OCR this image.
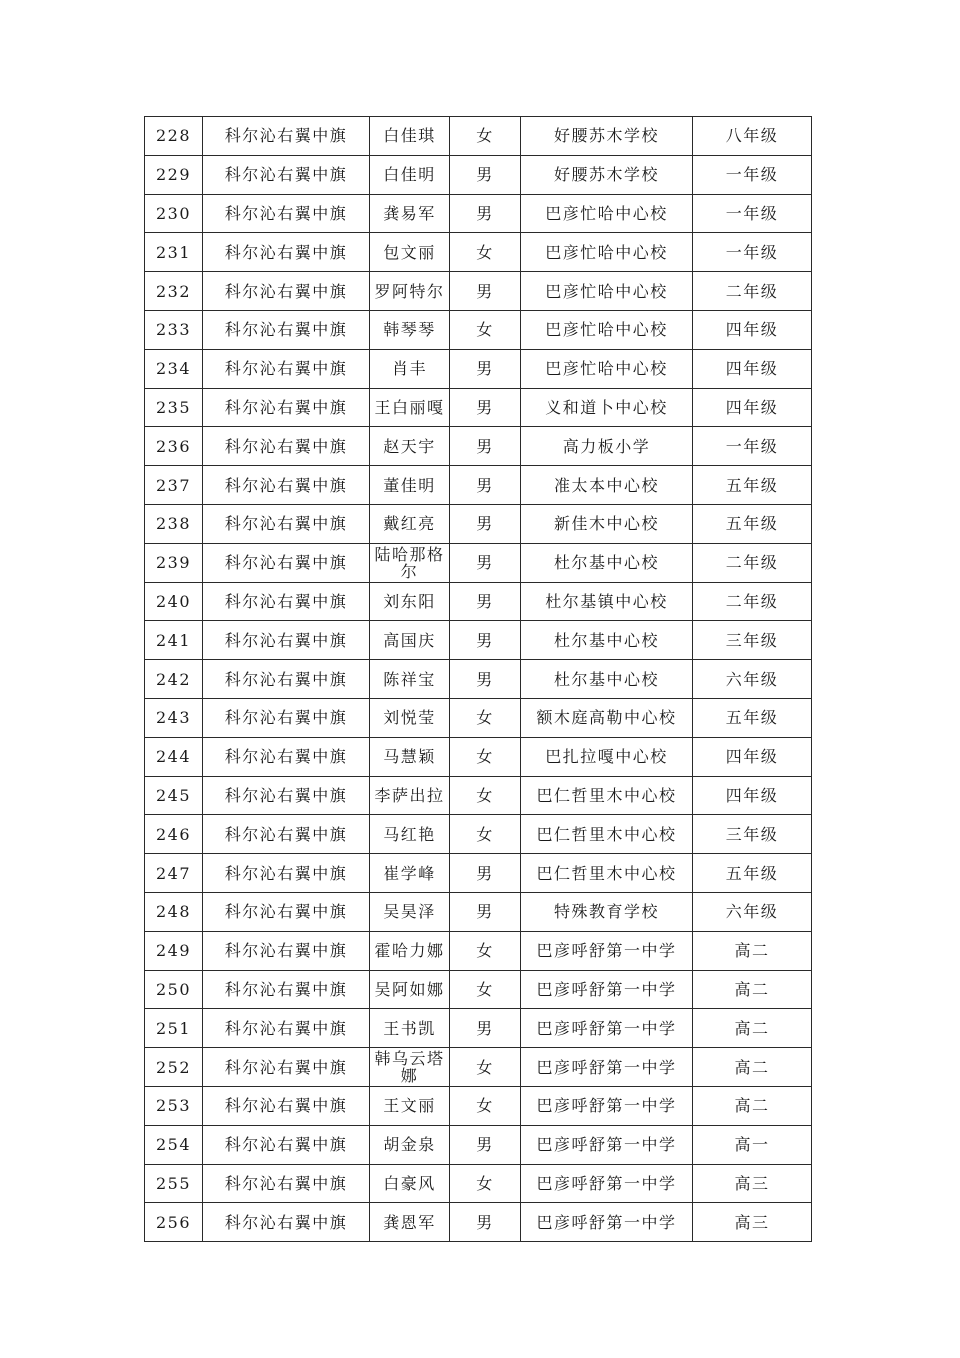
228	科尔沁右翼中旗	白佳琪	女	好腰苏木学校	八年级
229	科尔沁右翼中旗	白佳明	男	好腰苏木学校	一年级
230	科尔沁右翼中旗	龚易军	男	巴彦忙哈中心校	一年级
231	科尔沁右翼中旗	包文丽	女	巴彦忙哈中心校	一年级
232	科尔沁右翼中旗	罗阿特尔	男	巴彦忙哈中心校	二年级
233	科尔沁右翼中旗	韩琴琴	女	巴彦忙哈中心校	四年级
234	科尔沁右翼中旗	肖丰	男	巴彦忙哈中心校	四年级
235	科尔沁右翼中旗	王白丽嘎	男	义和道卜中心校	四年级
236	科尔沁右翼中旗	赵天宇	男	高力板小学	一年级
237	科尔沁右翼中旗	董佳明	男	准太本中心校	五年级
238	科尔沁右翼中旗	戴红亮	男	新佳木中心校	五年级
239	科尔沁右翼中旗	陆哈那格尔	男	杜尔基中心校	二年级
240	科尔沁右翼中旗	刘东阳	男	杜尔基镇中心校	二年级
241	科尔沁右翼中旗	高国庆	男	杜尔基中心校	三年级
242	科尔沁右翼中旗	陈祥宝	男	杜尔基中心校	六年级
243	科尔沁右翼中旗	刘悦莹	女	额木庭高勒中心校	五年级
244	科尔沁右翼中旗	马慧颖	女	巴扎拉嘎中心校	四年级
245	科尔沁右翼中旗	李萨出拉	女	巴仁哲里木中心校	四年级
246	科尔沁右翼中旗	马红艳	女	巴仁哲里木中心校	三年级
247	科尔沁右翼中旗	崔学峰	男	巴仁哲里木中心校	五年级
248	科尔沁右翼中旗	吴昊泽	男	特殊教育学校	六年级
249	科尔沁右翼中旗	霍哈力娜	女	巴彦呼舒第一中学	高二
250	科尔沁右翼中旗	吴阿如娜	女	巴彦呼舒第一中学	高二
251	科尔沁右翼中旗	王书凯	男	巴彦呼舒第一中学	高二
252	科尔沁右翼中旗	韩乌云塔娜	女	巴彦呼舒第一中学	高二
253	科尔沁右翼中旗	王文丽	女	巴彦呼舒第一中学	高二
254	科尔沁右翼中旗	胡金泉	男	巴彦呼舒第一中学	高一
255	科尔沁右翼中旗	白豪风	女	巴彦呼舒第一中学	高三
256	科尔沁右翼中旗	龚恩军	男	巴彦呼舒第一中学	高三
